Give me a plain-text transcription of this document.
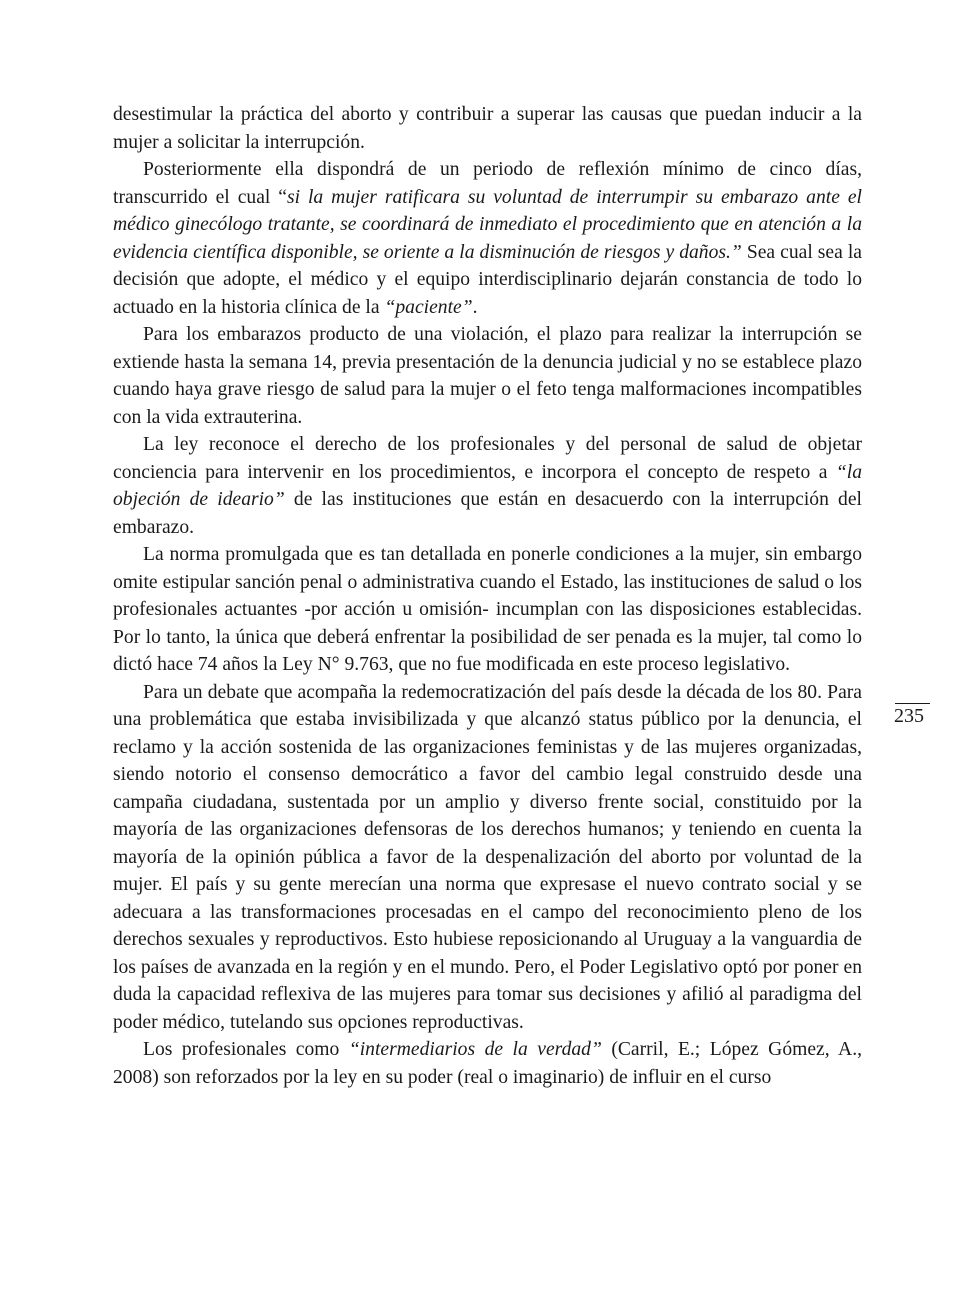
desestimular la práctica del aborto y contribuir a superar las causas que puedan inducir a la mujer a solicitar la interrupción.

Posteriormente ella dispondrá de un periodo de reflexión mínimo de cinco días, transcurrido el cual “si la mujer ratificara su voluntad de interrumpir su embarazo ante el médico ginecólogo tratante, se coordinará de inmediato el procedimiento que en atención a la evidencia científica disponible, se oriente a la disminución de riesgos y daños.” Sea cual sea la decisión que adopte, el médico y el equipo interdisciplinario dejarán constancia de todo lo actuado en la historia clínica de la “paciente”.

Para los embarazos producto de una violación, el plazo para realizar la interrupción se extiende hasta la semana 14, previa presentación de la denuncia judicial y no se establece plazo cuando haya grave riesgo de salud para la mujer o el feto tenga malformaciones incompatibles con la vida extrauterina.

La ley reconoce el derecho de los profesionales y del personal de salud de objetar conciencia para intervenir en los procedimientos, e incorpora el concepto de respeto a “la objeción de ideario” de las instituciones que están en desacuerdo con la interrupción del embarazo.

La norma promulgada que es tan detallada en ponerle condiciones a la mujer, sin embargo omite estipular sanción penal o administrativa cuando el Estado, las instituciones de salud o los profesionales actuantes -por acción u omisión- incumplan con las disposiciones establecidas. Por lo tanto, la única que deberá enfrentar la posibilidad de ser penada es la mujer, tal como lo dictó hace 74 años la Ley N° 9.763, que no fue modificada en este proceso legislativo.

Para un debate que acompaña la redemocratización del país desde la década de los 80. Para una problemática que estaba invisibilizada y que alcanzó status público por la denuncia, el reclamo y la acción sostenida de las organizaciones feministas y de las mujeres organizadas, siendo notorio el consenso democrático a favor del cambio legal construido desde una campaña ciudadana, sustentada por un amplio y diverso frente social, constituido por la mayoría de las organizaciones defensoras de los derechos humanos; y teniendo en cuenta la mayoría de la opinión pública a favor de la despenalización del aborto por voluntad de la mujer. El país y su gente merecían una norma que expresase el nuevo contrato social y se adecuara a las transformaciones procesadas en el campo del reconocimiento pleno de los derechos sexuales y reproductivos. Esto hubiese reposicionando al Uruguay a la vanguardia de los países de avanzada en la región y en el mundo. Pero, el Poder Legislativo optó por poner en duda la capacidad reflexiva de las mujeres para tomar sus decisiones y afilió al paradigma del poder médico, tutelando sus opciones reproductivas.

Los profesionales como “intermediarios de la verdad” (Carril, E.; López Gómez, A., 2008) son reforzados por la ley en su poder (real o imaginario) de influir en el curso

235
